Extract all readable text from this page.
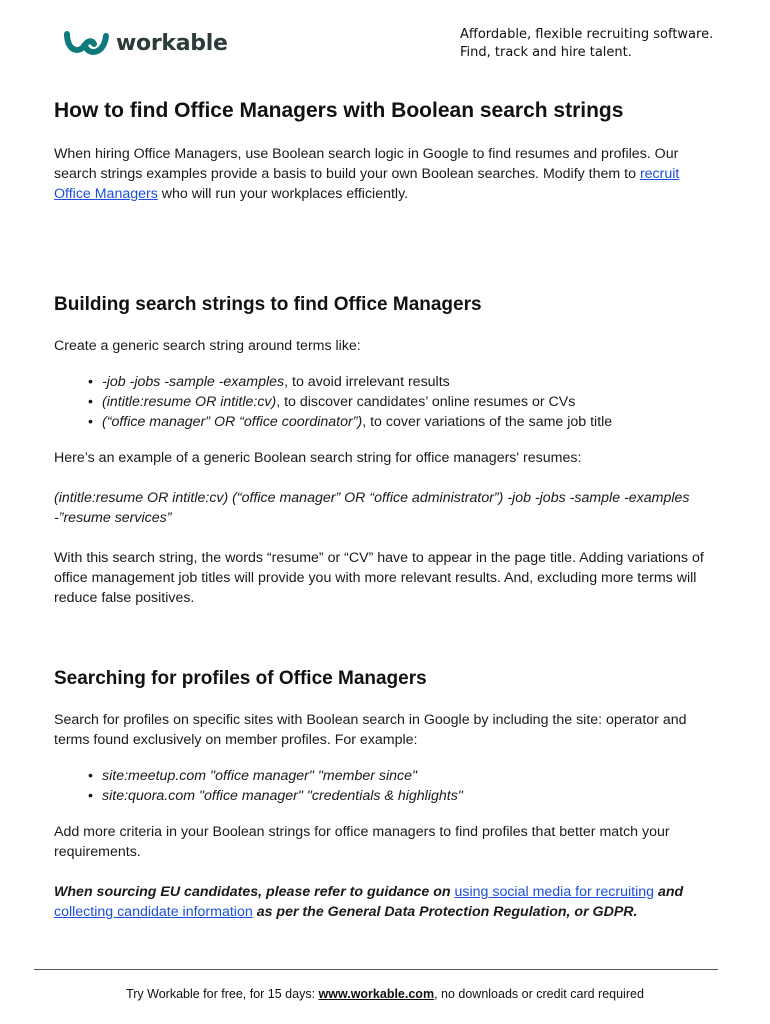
workable	Affordable, flexible recruiting software.
Find, track and hire talent.
How to find Office Managers with Boolean search strings

When hiring Office Managers, use Boolean search logic in Google to find resumes and profiles. Our search strings examples provide a basis to build your own Boolean searches. Modify them to recruit Office Managers who will run your workplaces efficiently.

Building search strings to find Office Managers

Create a generic search string around terms like:

• -job -jobs -sample -examples, to avoid irrelevant results
• (intitle:resume OR intitle:cv), to discover candidates’ online resumes or CVs
• (“office manager” OR “office coordinator”), to cover variations of the same job title

Here’s an example of a generic Boolean search string for office managers' resumes:

(intitle:resume OR intitle:cv) (“office manager” OR “office administrator”) -job -jobs -sample -examples -”resume services”

With this search string, the words “resume” or “CV” have to appear in the page title. Adding variations of office management job titles will provide you with more relevant results. And, excluding more terms will reduce false positives.

Searching for profiles of Office Managers

Search for profiles on specific sites with Boolean search in Google by including the site: operator and terms found exclusively on member profiles. For example:

• site:meetup.com "office manager" "member since"
• site:quora.com "office manager" "credentials & highlights"

Add more criteria in your Boolean strings for office managers to find profiles that better match your requirements.

When sourcing EU candidates, please refer to guidance on using social media for recruiting and collecting candidate information as per the General Data Protection Regulation, or GDPR.

Try Workable for free, for 15 days: www.workable.com, no downloads or credit card required
